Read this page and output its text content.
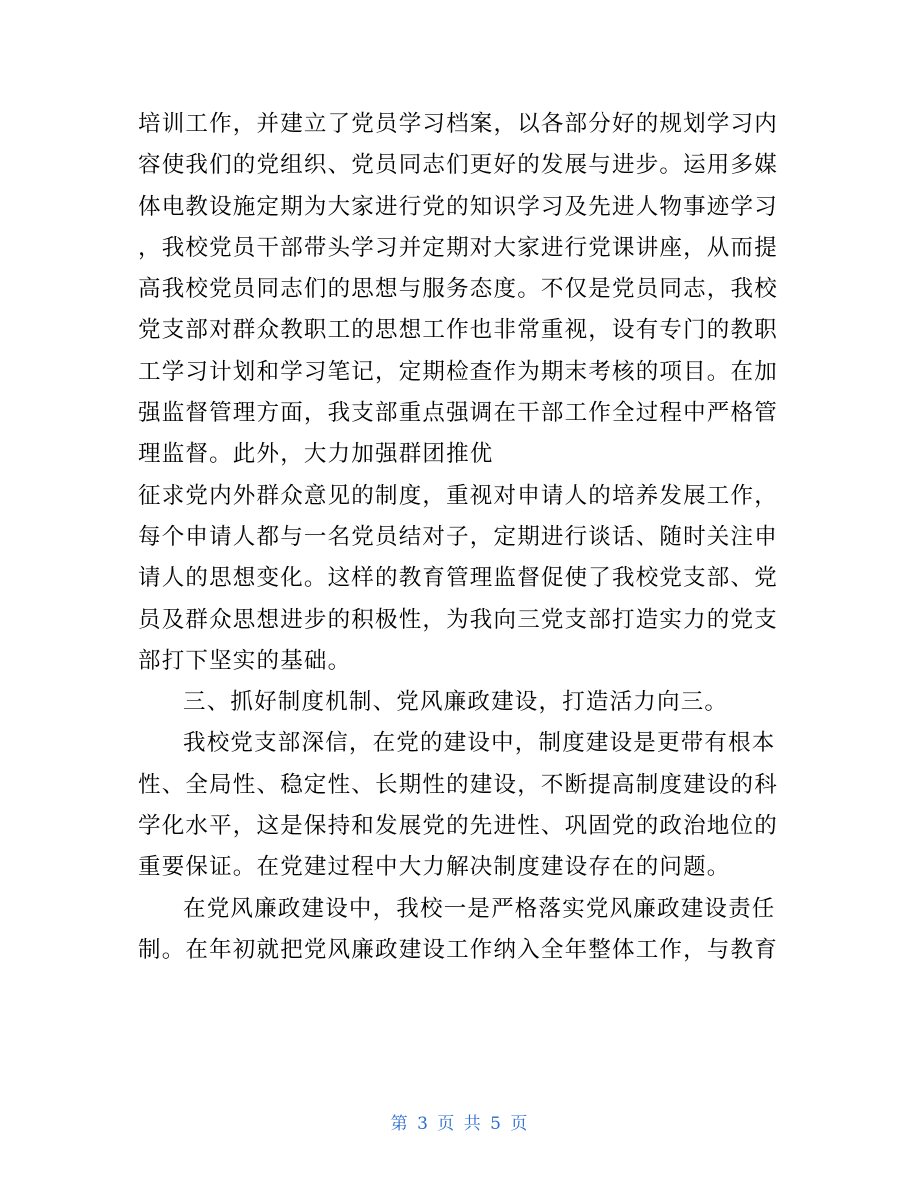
培训工作，并建立了党员学习档案，以各部分好的规划学习内
容使我们的党组织、党员同志们更好的发展与进步。运用多媒
体电教设施定期为大家进行党的知识学习及先进人物事迹学习
，我校党员干部带头学习并定期对大家进行党课讲座，从而提
高我校党员同志们的思想与服务态度。不仅是党员同志，我校
党支部对群众教职工的思想工作也非常重视，设有专门的教职
工学习计划和学习笔记，定期检查作为期末考核的项目。在加
强监督管理方面，我支部重点强调在干部工作全过程中严格管
理监督。此外，大力加强群团推优
征求党内外群众意见的制度，重视对申请人的培养发展工作，
每个申请人都与一名党员结对子，定期进行谈话、随时关注申
请人的思想变化。这样的教育管理监督促使了我校党支部、党
员及群众思想进步的积极性，为我向三党支部打造实力的党支
部打下坚实的基础。
三、抓好制度机制、党风廉政建设，打造活力向三。
我校党支部深信，在党的建设中，制度建设是更带有根本
性、全局性、稳定性、长期性的建设，不断提高制度建设的科
学化水平，这是保持和发展党的先进性、巩固党的政治地位的
重要保证。在党建过程中大力解决制度建设存在的问题。
在党风廉政建设中，我校一是严格落实党风廉政建设责任
制。在年初就把党风廉政建设工作纳入全年整体工作，与教育
第 3 页 共 5 页
